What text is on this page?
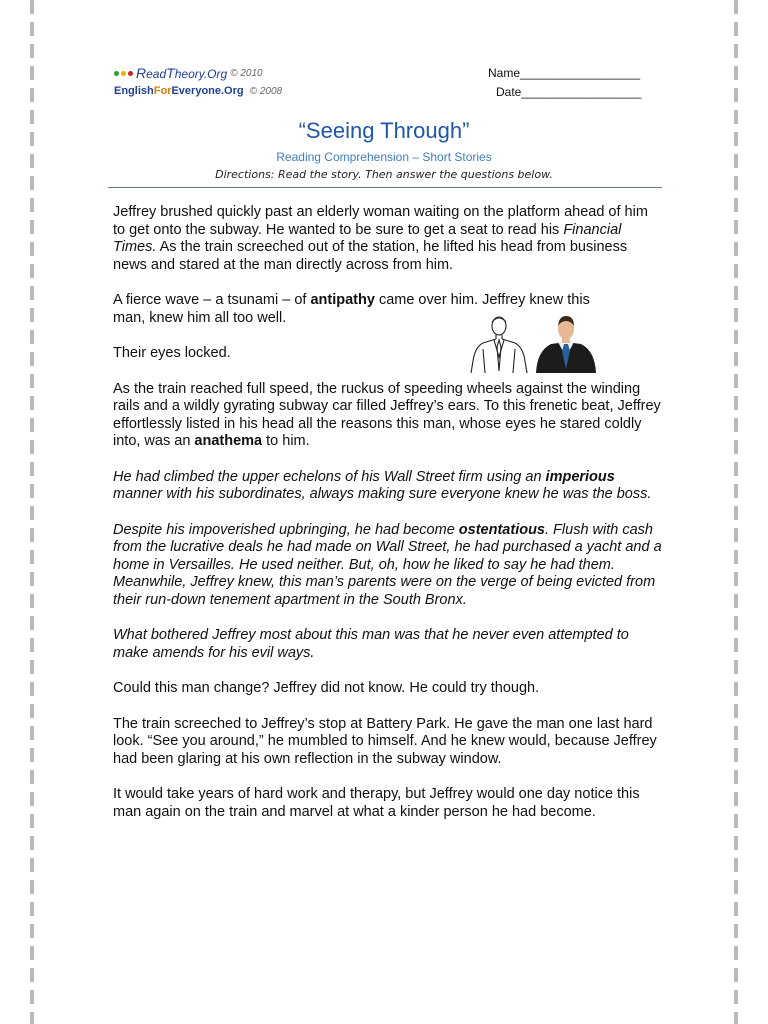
ReadTheory.Org © 2010
EnglishForEveryone.Org © 2008
Name__________________
Date__________________
“Seeing Through”
Reading Comprehension – Short Stories
Directions: Read the story. Then answer the questions below.

Jeffrey brushed quickly past an elderly woman waiting on the platform ahead of him to get onto the subway. He wanted to be sure to get a seat to read his Financial Times. As the train screeched out of the station, he lifted his head from business news and stared at the man directly across from him.

A fierce wave – a tsunami – of antipathy came over him. Jeffrey knew this man, knew him all too well.

Their eyes locked.

As the train reached full speed, the ruckus of speeding wheels against the winding rails and a wildly gyrating subway car filled Jeffrey’s ears. To this frenetic beat, Jeffrey effortlessly listed in his head all the reasons this man, whose eyes he stared coldly into, was an anathema to him.

He had climbed the upper echelons of his Wall Street firm using an imperious manner with his subordinates, always making sure everyone knew he was the boss.

Despite his impoverished upbringing, he had become ostentatious. Flush with cash from the lucrative deals he had made on Wall Street, he had purchased a yacht and a home in Versailles. He used neither. But, oh, how he liked to say he had them. Meanwhile, Jeffrey knew, this man’s parents were on the verge of being evicted from their run-down tenement apartment in the South Bronx.

What bothered Jeffrey most about this man was that he never even attempted to make amends for his evil ways.

Could this man change? Jeffrey did not know. He could try though.

The train screeched to Jeffrey’s stop at Battery Park. He gave the man one last hard look. “See you around,” he mumbled to himself. And he knew would, because Jeffrey had been glaring at his own reflection in the subway window.

It would take years of hard work and therapy, but Jeffrey would one day notice this man again on the train and marvel at what a kinder person he had become.
